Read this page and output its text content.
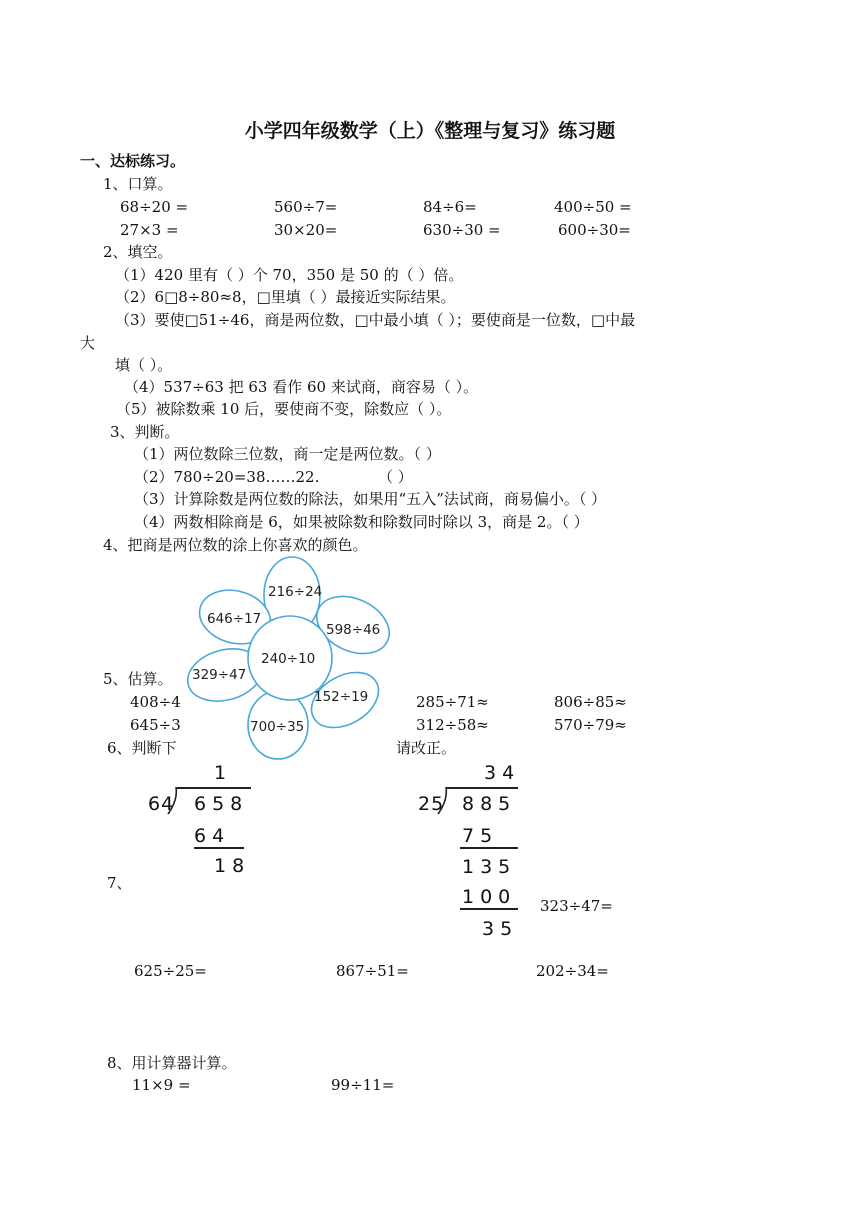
小学四年级数学（上）《整理与复习》练习题
一、达标练习。
1、口算。
68÷20 =	560÷7=	84÷6=	400÷50 =
27×3 =	30×20=	630÷30 =	600÷30=
2、填空。
（1）420 里有（ ）个 70，350 是 50 的（ ）倍。
（2）6□8÷80≈8，□里填（ ）最接近实际结果。
（3）要使□51÷46，商是两位数，□中最小填（ ）；要使商是一位数，□中最
大
填（ ）。
（4）537÷63 把 63 看作 60 来试商，商容易（ ）。
（5）被除数乘 10 后，要使商不变，除数应（ ）。
3、判断。
（1）两位数除三位数，商一定是两位数。（ ）
（2）780÷20=38……22.	（ ）
（3）计算除数是两位数的除法，如果用“五入”法试商，商易偏小。（ ）
（4）两数相除商是 6，如果被除数和除数同时除以 3，商是 2。（ ）
4、把商是两位数的涂上你喜欢的颜色。
5、估算。
408÷4	285÷71≈	806÷85≈
645÷3	312÷58≈	570÷79≈
6、判断下	请改正。
216÷24
598÷46
152÷19
700÷35
329÷47
646÷17
240÷10
1
64 658
64
18
34
25 885
75
135
100
35
7、
323÷47=
625÷25=	867÷51=	202÷34=
8、用计算器计算。
11×9 =	99÷11=
